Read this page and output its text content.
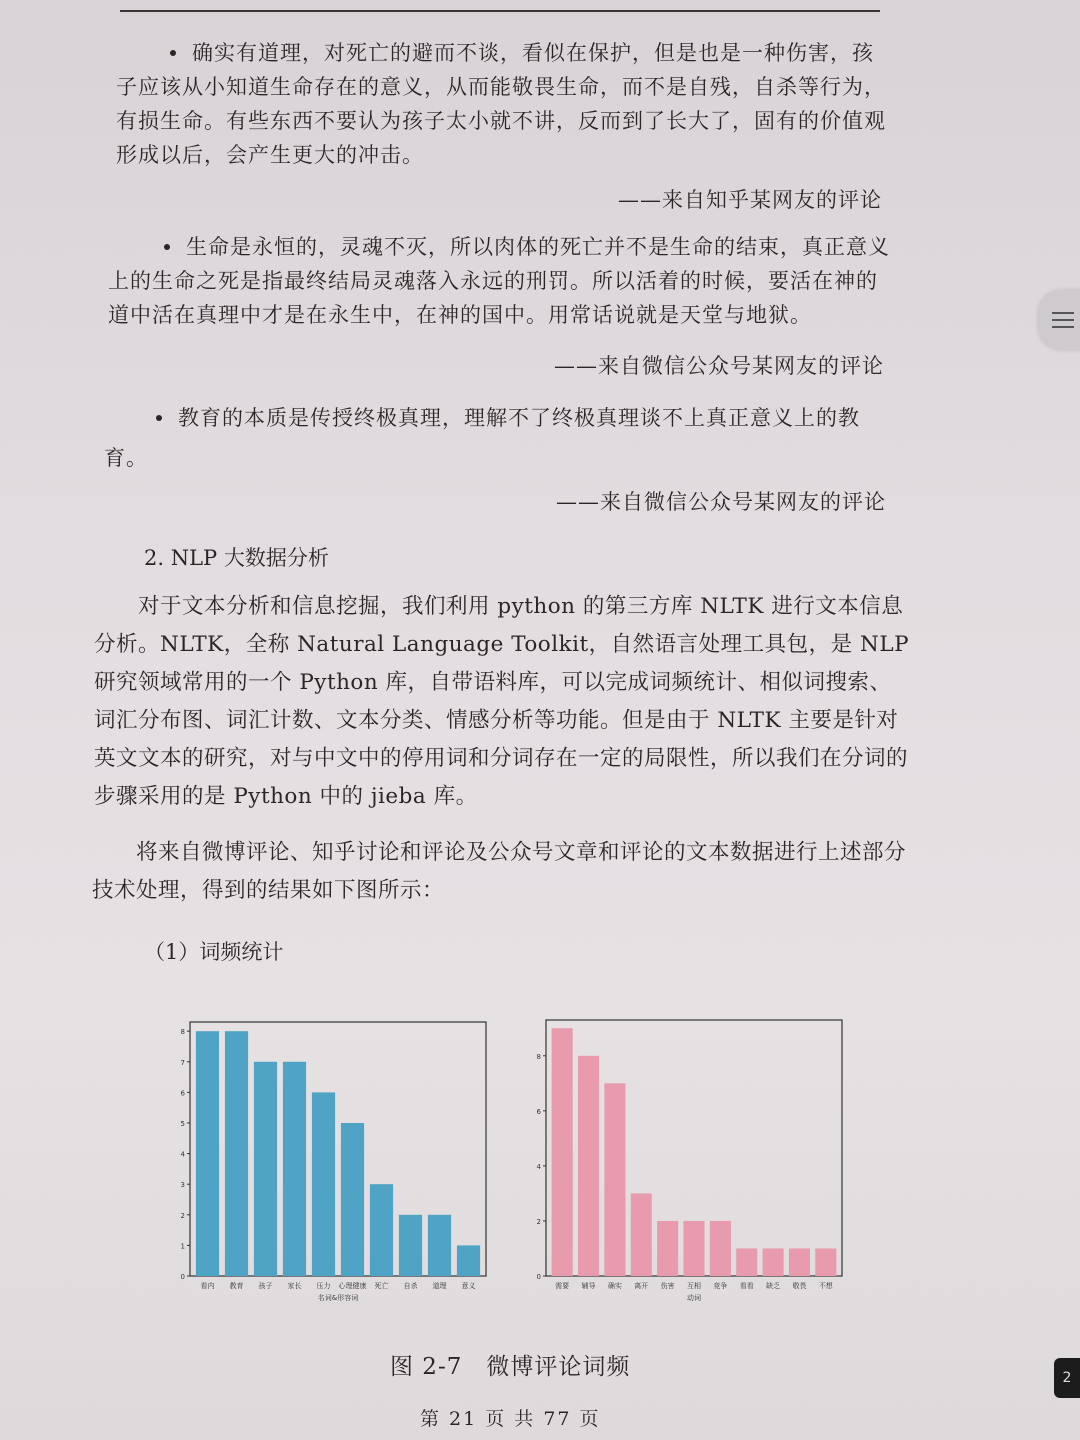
确实有道理，对死亡的避而不谈，看似在保护，但是也是一种伤害，孩子应该从小知道生命存在的意义，从而能敬畏生命，而不是自残，自杀等行为，有损生命。有些东西不要认为孩子太小就不讲，反而到了长大了，固有的价值观形成以后，会产生更大的冲击。
——来自知乎某网友的评论
生命是永恒的，灵魂不灭，所以肉体的死亡并不是生命的结束，真正意义上的生命之死是指最终结局灵魂落入永远的刑罚。所以活着的时候，要活在神的道中活在真理中才是在永生中，在神的国中。用常话说就是天堂与地狱。
——来自微信公众号某网友的评论
教育的本质是传授终极真理，理解不了终极真理谈不上真正意义上的教育。
——来自微信公众号某网友的评论
2. NLP 大数据分析
对于文本分析和信息挖掘，我们利用 python 的第三方库 NLTK 进行文本信息分析。NLTK，全称 Natural Language Toolkit，自然语言处理工具包，是 NLP 研究领域常用的一个 Python 库，自带语料库，可以完成词频统计、相似词搜索、词汇分布图、词汇计数、文本分类、情感分析等功能。但是由于 NLTK 主要是针对英文文本的研究，对与中文中的停用词和分词存在一定的局限性，所以我们在分词的步骤采用的是 Python 中的 jieba 库。
将来自微博评论、知乎讨论和评论及公众号文章和评论的文本数据进行上述部分技术处理，得到的结果如下图所示：
（1）词频统计
0
1
2
3
4
5
6
7
8
看内 教育 孩子 家长 压力 心理健康 死亡 自杀 道理 意义
名词&形容词
0
2
4
6
8
需要 辅导 确实 离开 伤害 互相 竞争 看看 缺乏 敬畏 不想
动词
图 2-7　微博评论词频
第 21 页 共 77 页
2
